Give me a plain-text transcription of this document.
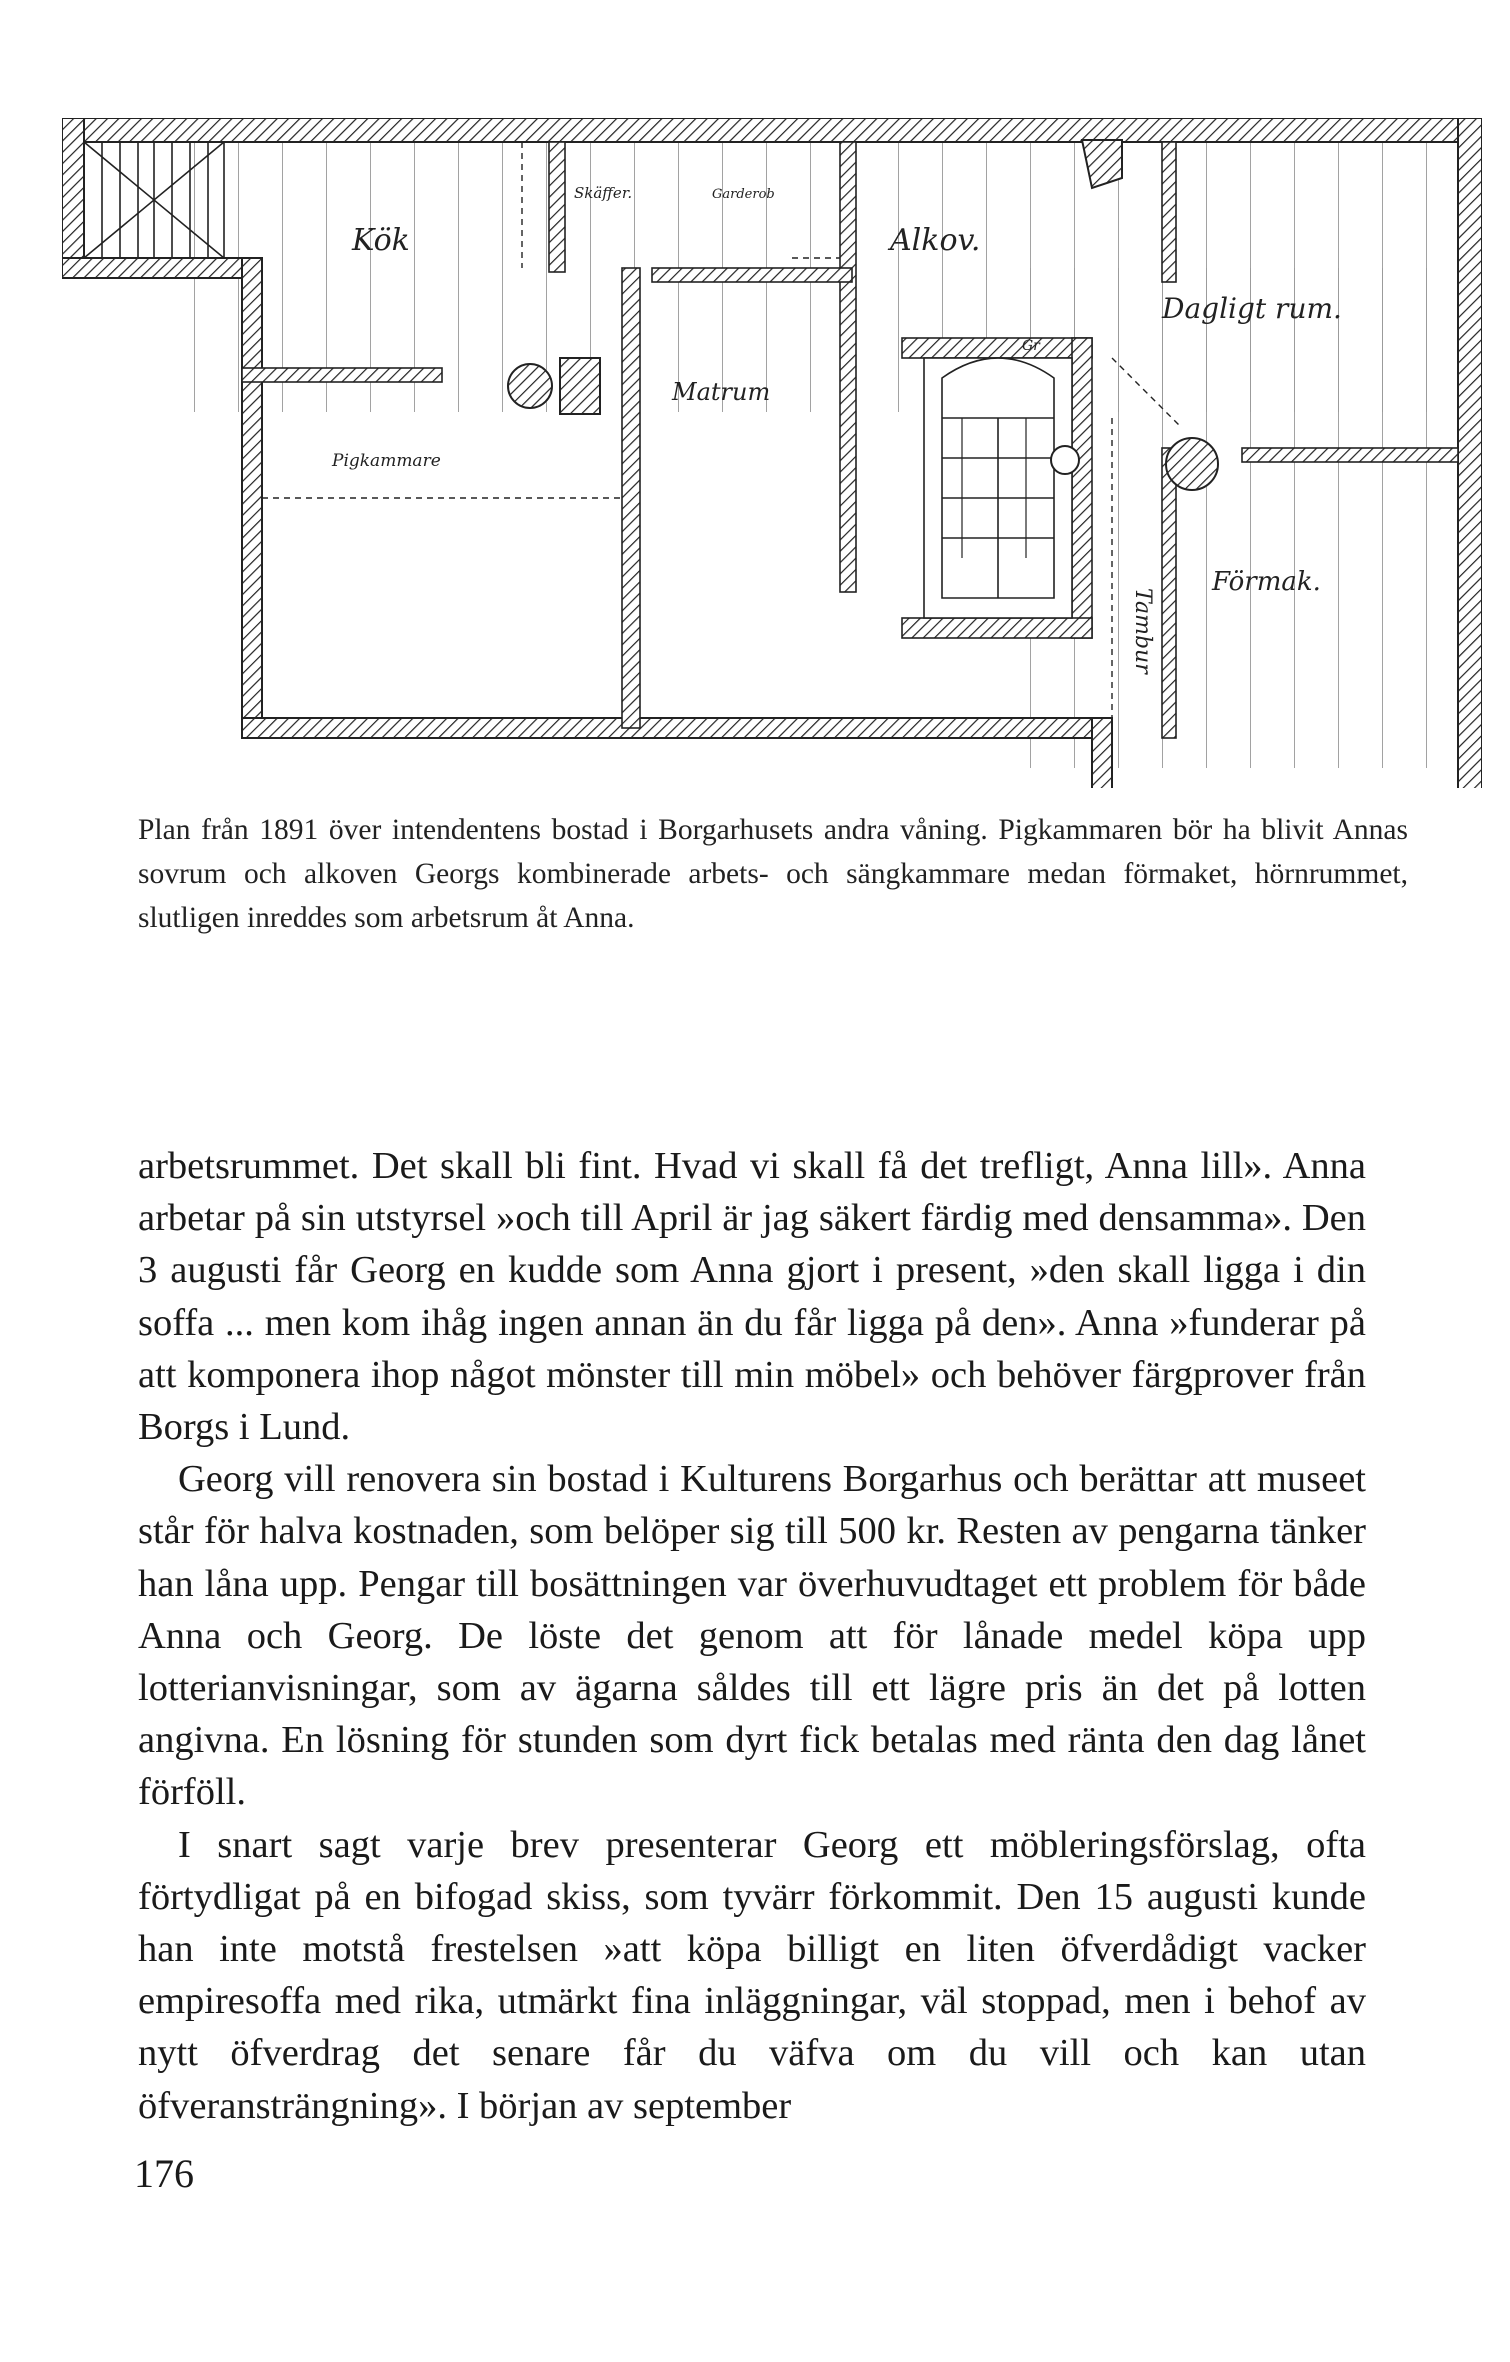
Kök
Skäffer.	Garderob
Alkov.
Dagligt rum.
Gr
Matrum
Pigkammare
Förmak.
Tambur
Plan från 1891 över intendentens bostad i Borgarhusets andra våning. Pigkammaren bör ha blivit Annas sovrum och alkoven Georgs kombinerade arbets- och sängkammare medan förmaket, hörnrummet, slutligen inreddes som arbetsrum åt Anna.

arbetsrummet. Det skall bli fint. Hvad vi skall få det trefligt, Anna lill». Anna arbetar på sin utstyrsel »och till April är jag säkert färdig med densamma». Den 3 augusti får Georg en kudde som Anna gjort i present, »den skall ligga i din soffa ... men kom ihåg ingen annan än du får ligga på den». Anna »funderar på att komponera ihop något mönster till min möbel» och behöver färgprover från Borgs i Lund.

Georg vill renovera sin bostad i Kulturens Borgarhus och berättar att museet står för halva kostnaden, som belöper sig till 500 kr. Resten av pengarna tänker han låna upp. Pengar till bosättningen var överhuvudtaget ett problem för både Anna och Georg. De löste det genom att för lånade medel köpa upp lotterianvisningar, som av ägarna såldes till ett lägre pris än det på lotten angivna. En lösning för stunden som dyrt fick betalas med ränta den dag lånet förföll.

I snart sagt varje brev presenterar Georg ett möbleringsförslag, ofta förtydligat på en bifogad skiss, som tyvärr förkommit. Den 15 augusti kunde han inte motstå frestelsen »att köpa billigt en liten öfverdådigt vacker empiresoffa med rika, utmärkt fina inläggningar, väl stoppad, men i behof av nytt öfverdrag det senare får du väfva om du vill och kan utan öfveransträngning». I början av september

176
